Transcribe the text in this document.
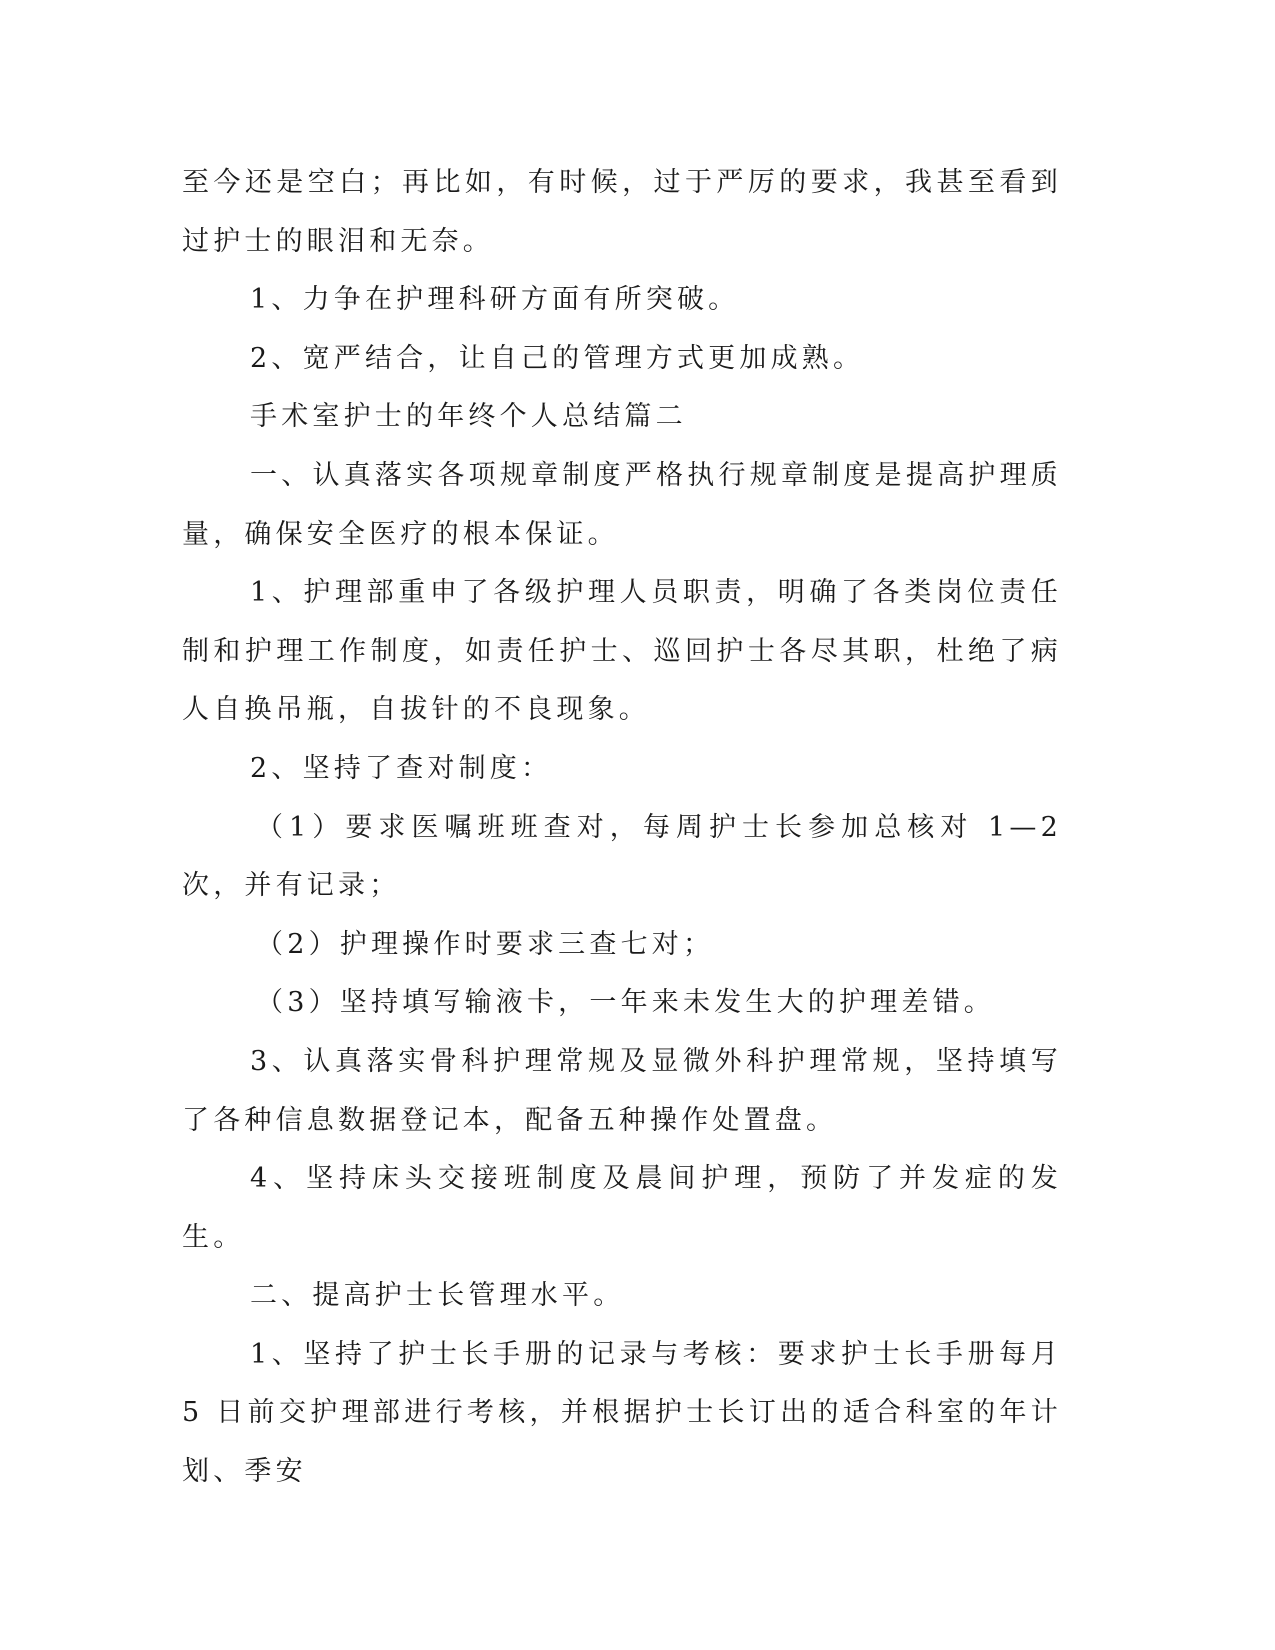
至今还是空白；再比如，有时候，过于严厉的要求，我甚至看到过护士的眼泪和无奈。

1、力争在护理科研方面有所突破。

2、宽严结合，让自己的管理方式更加成熟。

手术室护士的年终个人总结篇二

一、认真落实各项规章制度严格执行规章制度是提高护理质量，确保安全医疗的根本保证。

1、护理部重申了各级护理人员职责，明确了各类岗位责任制和护理工作制度，如责任护士、巡回护士各尽其职，杜绝了病人自换吊瓶，自拔针的不良现象。

2、坚持了查对制度：

（1）要求医嘱班班查对，每周护士长参加总核对 1—2 次，并有记录；

（2）护理操作时要求三查七对；

（3）坚持填写输液卡，一年来未发生大的护理差错。

3、认真落实骨科护理常规及显微外科护理常规，坚持填写了各种信息数据登记本，配备五种操作处置盘。

4、坚持床头交接班制度及晨间护理，预防了并发症的发生。

二、提高护士长管理水平。

1、坚持了护士长手册的记录与考核：要求护士长手册每月 5 日前交护理部进行考核，并根据护士长订出的适合科室的年计划、季安
